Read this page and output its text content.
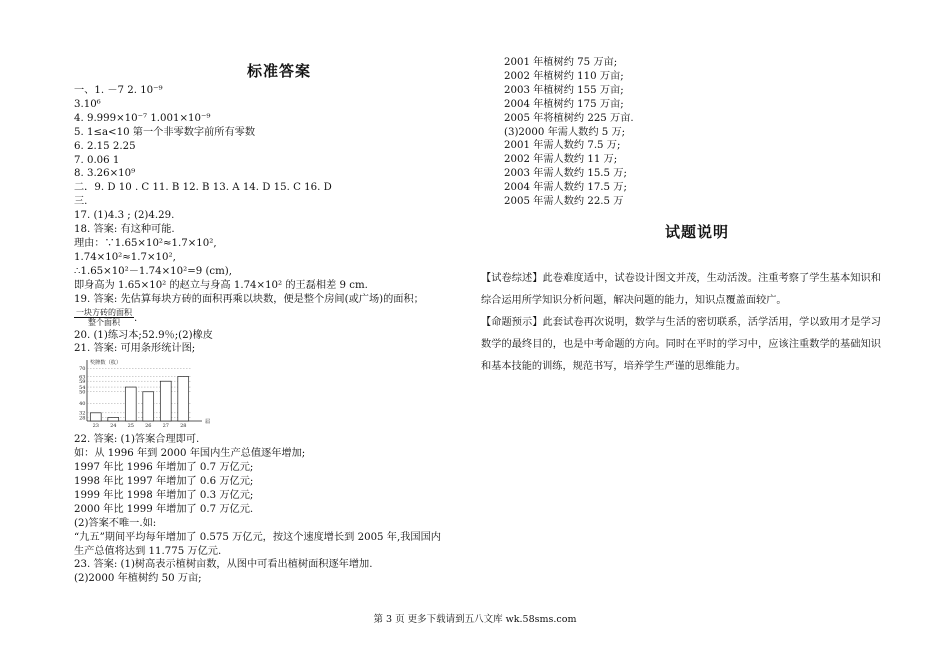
标准答案
一、1. －7 2. 10⁻⁹
3.10⁶
4. 9.999×10⁻⁷ 1.001×10⁻⁹
5. 1≤a<10 第一个非零数字前所有零数
6. 2.15 2.25
7. 0.06 1
8. 3.26×10⁹
二．9. D 10 . C 11. B 12. B 13. A 14. D 15. C 16. D
三.
17. (1)4.3 ; (2)4.29.
18. 答案: 有这种可能.
理由：∵1.65×10²≈1.7×10²,
1.74×10²≈1.7×10²,
∴1.65×10²－1.74×10²=9 (cm),
即身高为 1.65×10² 的赵立与身高 1.74×10² 的王磊相差 9 cm.
19. 答案: 先估算每块方砖的面积再乘以块数，便是整个房间(或广场)的面积；
$\frac{\text{一块方砖的面积}}{\text{整个面积}}$ .
20. (1)练习本;52.9％;(2)橡皮
21. 答案: 可用条形统计图;
奖牌数（枚）
届
28
32
40
50
54
59
63
70
23 24 25 26 27 28
22. 答案: (1)答案合理即可.
如：从 1996 年到 2000 年国内生产总值逐年增加;
1997 年比 1996 年增加了 0.7 万亿元;
1998 年比 1997 年增加了 0.6 万亿元;
1999 年比 1998 年增加了 0.3 万亿元;
2000 年比 1999 年增加了 0.7 万亿元.
(2)答案不唯一.如:
“九五”期间平均每年增加了 0.575 万亿元，按这个速度增长到 2005 年,我国国内
生产总值将达到 11.775 万亿元.
23. 答案: (1)树高表示植树亩数，从图中可看出植树面积逐年增加.
(2)2000 年植树约 50 万亩;
2001 年植树约 75 万亩;
2002 年植树约 110 万亩;
2003 年植树约 155 万亩;
2004 年植树约 175 万亩;
2005 年将植树约 225 万亩.
(3)2000 年需人数约 5 万;
2001 年需人数约 7.5 万;
2002 年需人数约 11 万;
2003 年需人数约 15.5 万;
2004 年需人数约 17.5 万;
2005 年需人数约 22.5 万
试题说明
【试卷综述】此卷难度适中，试卷设计图文并茂，生动活泼。注重考察了学生基本知识和综合运用所学知识分析问题，解决问题的能力，知识点覆盖面较广。
【命题预示】此套试卷再次说明，数学与生活的密切联系，活学活用，学以致用才是学习数学的最终目的，也是中考命题的方向。同时在平时的学习中，应该注重数学的基础知识和基本技能的训练，规范书写，培养学生严谨的思维能力。
第 3 页 更多下载请到五八文库 wk.58sms.com
